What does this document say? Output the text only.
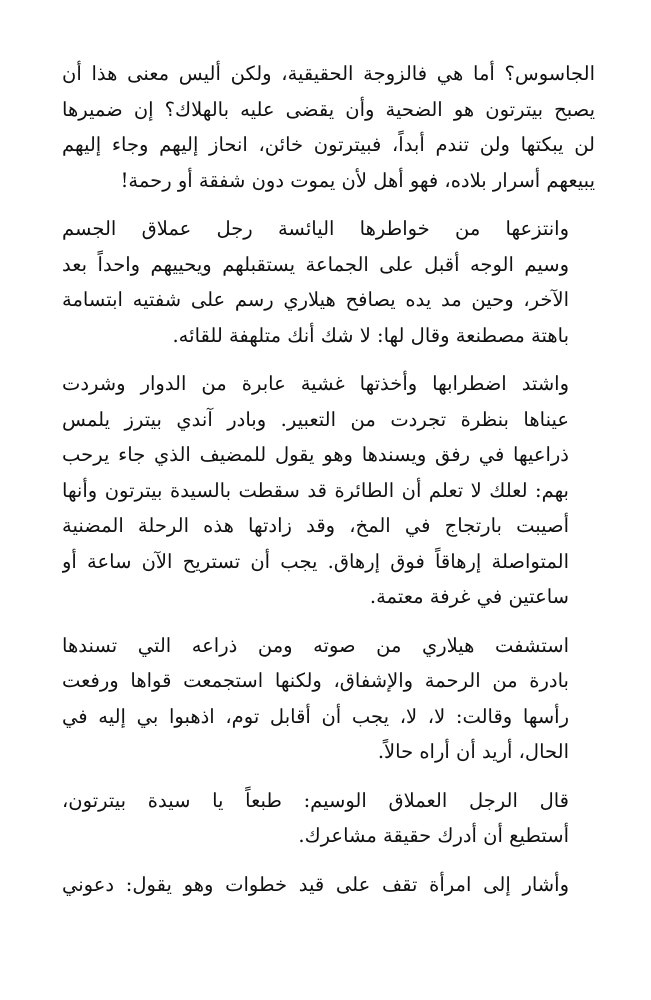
الجاسوس؟ أما هي فالزوجة الحقيقية، ولكن أليس معنى هذا أن
يصبح بيترتون هو الضحية وأن يقضى عليه بالهلاك؟ إن ضميرها
لن يبكتها ولن تندم أبداً، فبيترتون خائن، انحاز إليهم وجاء إليهم
يبيعهم أسرار بلاده، فهو أهل لأن يموت دون شفقة أو رحمة!
وانتزعها من خواطرها اليائسة رجل عملاق الجسم
وسيم الوجه أقبل على الجماعة يستقبلهم ويحييهم واحداً بعد
الآخر، وحين مد يده يصافح هيلاري رسم على شفتيه ابتسامة
باهتة مصطنعة وقال لها: لا شك أنك متلهفة للقائه.
واشتد اضطرابها وأخذتها غشية عابرة من الدوار وشردت
عيناها بنظرة تجردت من التعبير. وبادر آندي بيترز يلمس
ذراعيها في رفق ويسندها وهو يقول للمضيف الذي جاء يرحب
بهم: لعلك لا تعلم أن الطائرة قد سقطت بالسيدة بيترتون وأنها
أصيبت بارتجاج في المخ، وقد زادتها هذه الرحلة المضنية
المتواصلة إرهاقاً فوق إرهاق. يجب أن تستريح الآن ساعة أو
ساعتين في غرفة معتمة.
استشفت هيلاري من صوته ومن ذراعه التي تسندها
بادرة من الرحمة والإشفاق، ولكنها استجمعت قواها ورفعت
رأسها وقالت: لا، لا، يجب أن أقابل توم، اذهبوا بي إليه في
الحال، أريد أن أراه حالاً.
قال الرجل العملاق الوسيم: طبعاً يا سيدة بيترتون،
أستطيع أن أدرك حقيقة مشاعرك.
وأشار إلى امرأة تقف على قيد خطوات وهو يقول: دعوني
